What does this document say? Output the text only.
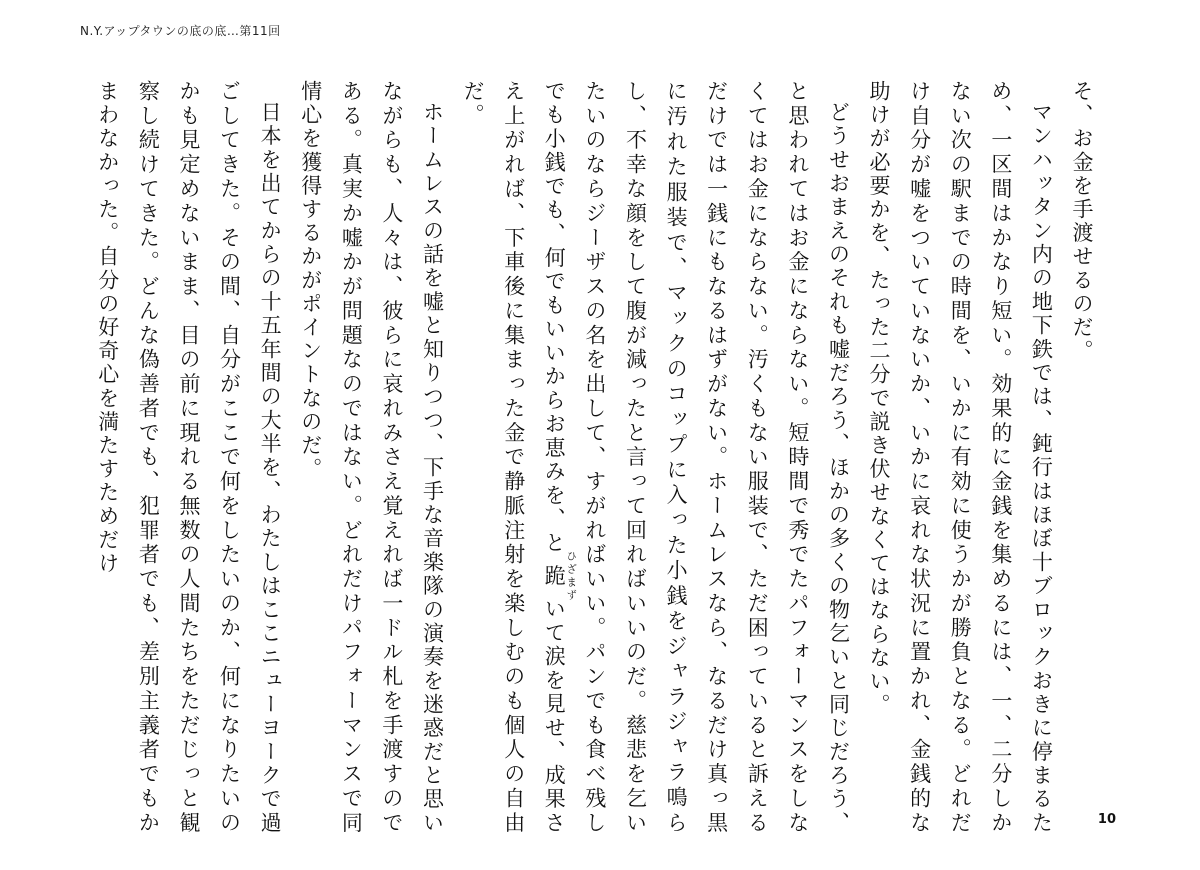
N.Y.アップタウンの底の底…第11回

そ、お金を手渡せるのだ。

マンハッタン内の地下鉄では、鈍行はほぼ十ブロックおきに停まるため、一区間はかなり短い。効果的に金銭を集めるには、一、二分しかない次の駅までの時間を、いかに有効に使うかが勝負となる。どれだけ自分が嘘をついていないか、いかに哀れな状況に置かれ、金銭的な助けが必要かを、たった二分で説き伏せなくてはならない。

どうせおまえのそれも嘘だろう、ほかの多くの物乞いと同じだろう、と思われてはお金にならない。短時間で秀でたパフォーマンスをしなくてはお金にならない。汚くもない服装で、ただ困っていると訴えるだけでは一銭にもなるはずがない。ホームレスなら、なるだけ真っ黒に汚れた服装で、マックのコップに入った小銭をジャラジャラ鳴らし、不幸な顔をして腹が減ったと言って回ればいいのだ。慈悲を乞いたいのならジーザスの名を出して、すがればいい。パンでも食べ残しでも小銭でも、何でもいいからお恵みを、と跪 ひざまずいて涙を見せ、成果さえ上がれば、下車後に集まった金で静脈注射を楽しむのも個人の自由だ。

ホームレスの話を嘘と知りつつ、下手な音楽隊の演奏を迷惑だと思いながらも、人々は、彼らに哀れみさえ覚えれば一ドル札を手渡すのである。真実か嘘かが問題なのではない。どれだけパフォーマンスで同情心を獲得するかがポイントなのだ。

日本を出てからの十五年間の大半を、わたしはここニューヨークで過ごしてきた。その間、自分がここで何をしたいのか、何になりたいのかも見定めないまま、目の前に現れる無数の人間たちをただじっと観察し続けてきた。どんな偽善者でも、犯罪者でも、差別主義者でもかまわなかった。自分の好奇心を満たすためだけ

10
